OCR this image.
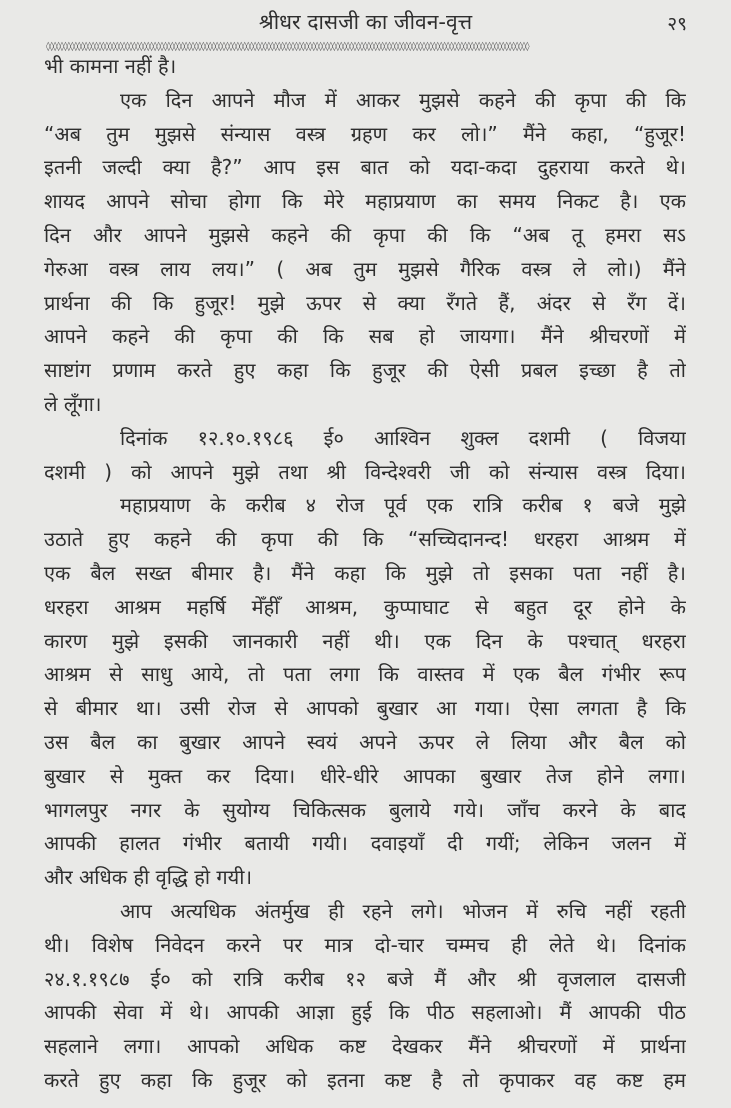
श्रीधर दासजी का जीवन-वृत्त	२९
◊◊◊◊◊◊◊◊◊◊◊◊◊◊◊◊◊◊◊◊◊◊◊◊◊◊◊◊◊◊◊◊◊◊◊◊◊◊◊◊◊◊◊◊◊◊◊◊◊◊◊◊◊◊◊◊◊◊◊◊◊◊◊◊◊◊◊◊◊◊◊◊◊◊◊◊◊◊◊◊◊◊◊◊◊◊◊◊◊◊◊◊◊◊◊◊◊◊◊◊◊◊◊◊◊◊◊◊◊◊◊◊◊◊◊◊◊◊◊◊◊◊◊◊◊◊◊◊◊◊◊◊◊◊◊◊◊◊◊◊
भी कामना नहीं है।
एक दिन आपने मौज में आकर मुझसे कहने की कृपा की कि
“अब तुम मुझसे संन्यास वस्त्र ग्रहण कर लो।” मैंने कहा, “हुजूर!
इतनी जल्दी क्या है?” आप इस बात को यदा-कदा दुहराया करते थे।
शायद आपने सोचा होगा कि मेरे महाप्रयाण का समय निकट है। एक
दिन और आपने मुझसे कहने की कृपा की कि “अब तू हमरा सऽ
गेरुआ वस्त्र लाय लय।” ( अब तुम मुझसे गैरिक वस्त्र ले लो।) मैंने
प्रार्थना की कि हुजूर! मुझे ऊपर से क्या रँगते हैं, अंदर से रँग दें।
आपने कहने की कृपा की कि सब हो जायगा। मैंने श्रीचरणों में
साष्टांग प्रणाम करते हुए कहा कि हुजूर की ऐसी प्रबल इच्छा है तो
ले लूँगा।
दिनांक १२.१०.१९८६ ई० आश्विन शुक्ल दशमी ( विजया
दशमी ) को आपने मुझे तथा श्री विन्देश्वरी जी को संन्यास वस्त्र दिया।
महाप्रयाण के करीब ४ रोज पूर्व एक रात्रि करीब १ बजे मुझे
उठाते हुए कहने की कृपा की कि “सच्चिदानन्द! धरहरा आश्रम में
एक बैल सख्त बीमार है। मैंने कहा कि मुझे तो इसका पता नहीं है।
धरहरा आश्रम महर्षि मेँहीँ आश्रम, कुप्पाघाट से बहुत दूर होने के
कारण मुझे इसकी जानकारी नहीं थी। एक दिन के पश्चात् धरहरा
आश्रम से साधु आये, तो पता लगा कि वास्तव में एक बैल गंभीर रूप
से बीमार था। उसी रोज से आपको बुखार आ गया। ऐसा लगता है कि
उस बैल का बुखार आपने स्वयं अपने ऊपर ले लिया और बैल को
बुखार से मुक्त कर दिया। धीरे-धीरे आपका बुखार तेज होने लगा।
भागलपुर नगर के सुयोग्य चिकित्सक बुलाये गये। जाँच करने के बाद
आपकी हालत गंभीर बतायी गयी। दवाइयाँ दी गयीं; लेकिन जलन में
और अधिक ही वृद्धि हो गयी।
आप अत्यधिक अंतर्मुख ही रहने लगे। भोजन में रुचि नहीं रहती
थी। विशेष निवेदन करने पर मात्र दो-चार चम्मच ही लेते थे। दिनांक
२४.१.१९८७ ई० को रात्रि करीब १२ बजे मैं और श्री वृजलाल दासजी
आपकी सेवा में थे। आपकी आज्ञा हुई कि पीठ सहलाओ। मैं आपकी पीठ
सहलाने लगा। आपको अधिक कष्ट देखकर मैंने श्रीचरणों में प्रार्थना
करते हुए कहा कि हुजूर को इतना कष्ट है तो कृपाकर वह कष्ट हम
